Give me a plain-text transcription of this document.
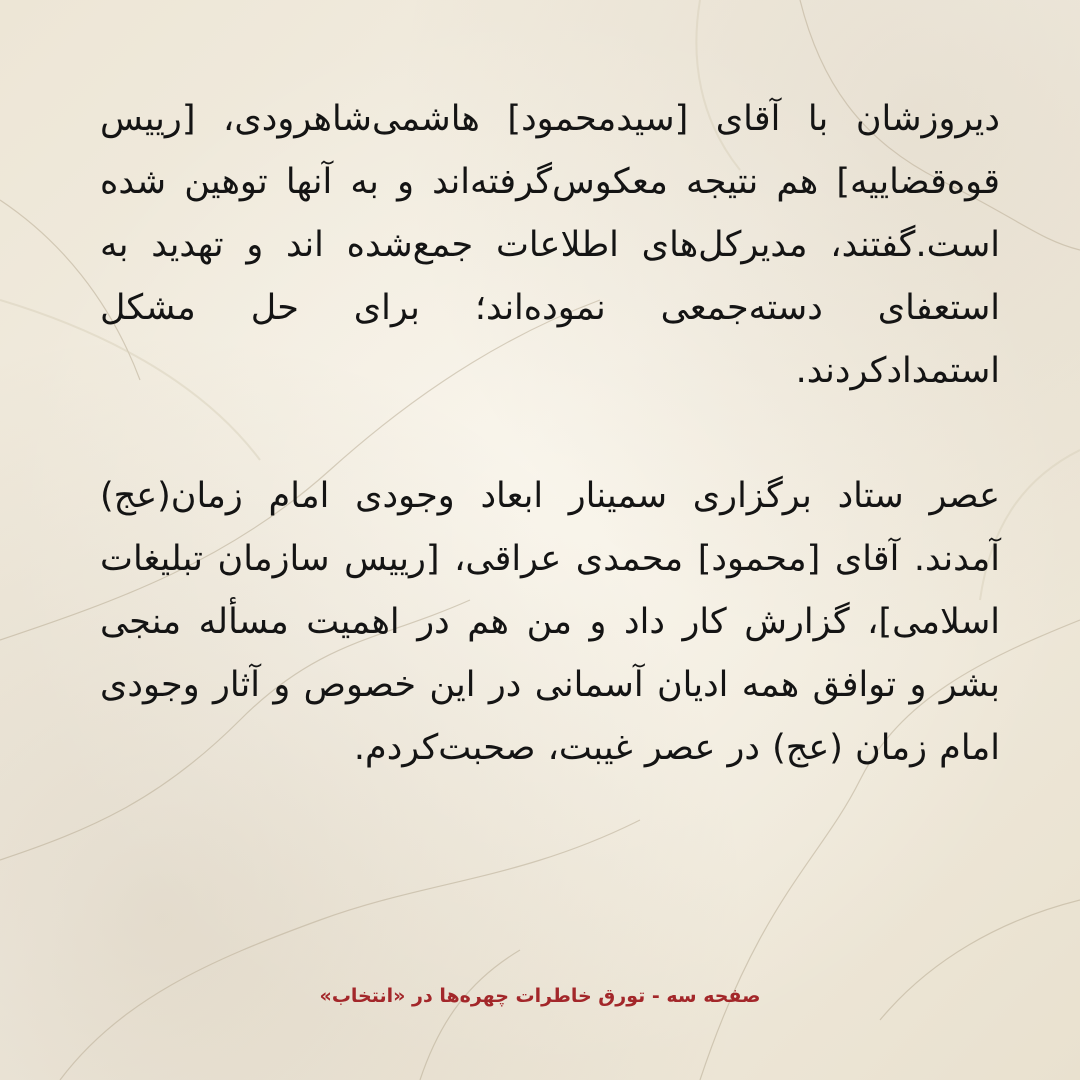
دیروزشان با آقای [سیدمحمود] هاشمی‌شاهرودی، [رییس قوه‌قضاییه] هم نتیجه معکوس‌گرفته‌اند و به آنها توهین شده است.گفتند، مدیرکل‌های اطلاعات جمع‌شده اند و تهدید به استعفای دسته‌جمعی نموده‌اند؛ برای حل مشکل استمدادکردند.

عصر ستاد برگزاری سمینار ابعاد وجودی امام زمان(عج) آمدند. آقای [محمود] محمدی عراقی، [رییس سازمان تبلیغات اسلامی]، گزارش کار داد و من هم در اهمیت مسأله منجی بشر و توافق همه ادیان آسمانی در این خصوص و آثار وجودی امام زمان (عج) در عصر غیبت، صحبت‌کردم.

صفحه سه - تورق خاطرات چهره‌ها در «انتخاب»
